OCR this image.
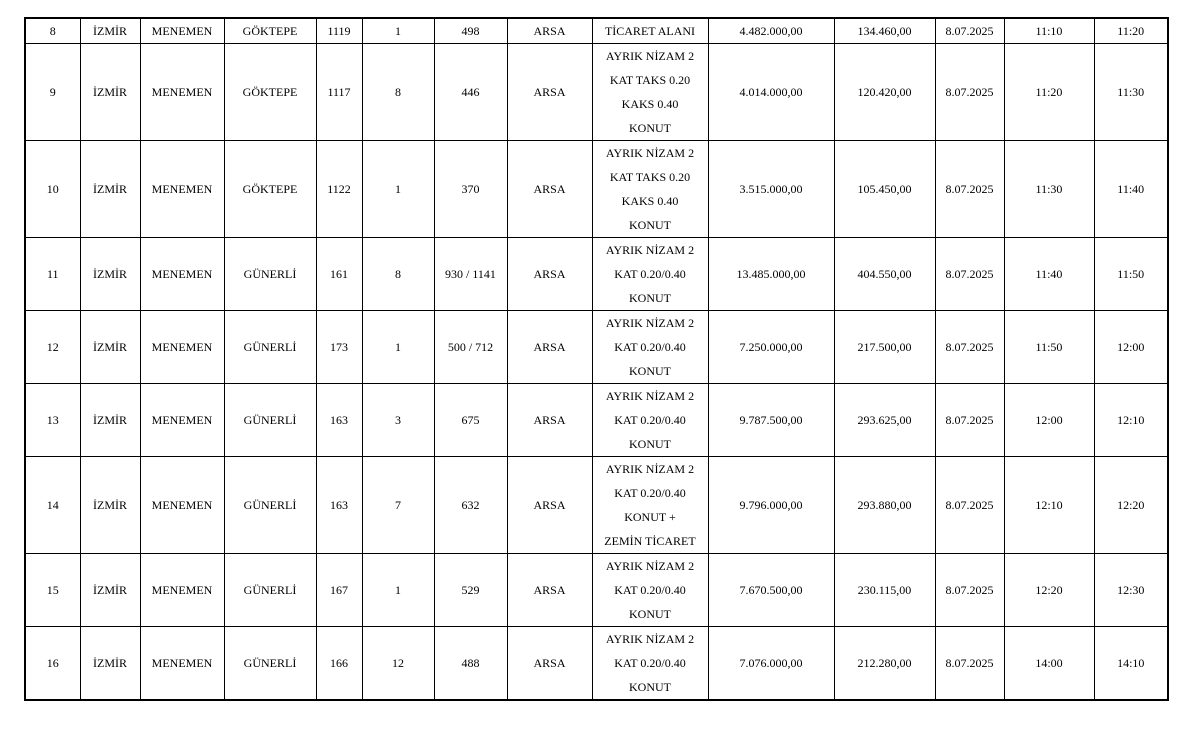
8	İZMİR	MENEMEN	GÖKTEPE	1119	1	498	ARSA	TİCARET ALANI	4.482.000,00	134.460,00	8.07.2025	11:10	11:20
9	İZMİR	MENEMEN	GÖKTEPE	1117	8	446	ARSA	AYRIK NİZAM 2
KAT TAKS 0.20
KAKS 0.40
KONUT	4.014.000,00	120.420,00	8.07.2025	11:20	11:30
10	İZMİR	MENEMEN	GÖKTEPE	1122	1	370	ARSA	AYRIK NİZAM 2
KAT TAKS 0.20
KAKS 0.40
KONUT	3.515.000,00	105.450,00	8.07.2025	11:30	11:40
11	İZMİR	MENEMEN	GÜNERLİ	161	8	930 / 1141	ARSA	AYRIK NİZAM 2
KAT 0.20/0.40
KONUT	13.485.000,00	404.550,00	8.07.2025	11:40	11:50
12	İZMİR	MENEMEN	GÜNERLİ	173	1	500 / 712	ARSA	AYRIK NİZAM 2
KAT 0.20/0.40
KONUT	7.250.000,00	217.500,00	8.07.2025	11:50	12:00
13	İZMİR	MENEMEN	GÜNERLİ	163	3	675	ARSA	AYRIK NİZAM 2
KAT 0.20/0.40
KONUT	9.787.500,00	293.625,00	8.07.2025	12:00	12:10
14	İZMİR	MENEMEN	GÜNERLİ	163	7	632	ARSA	AYRIK NİZAM 2
KAT 0.20/0.40
KONUT +
ZEMİN TİCARET	9.796.000,00	293.880,00	8.07.2025	12:10	12:20
15	İZMİR	MENEMEN	GÜNERLİ	167	1	529	ARSA	AYRIK NİZAM 2
KAT 0.20/0.40
KONUT	7.670.500,00	230.115,00	8.07.2025	12:20	12:30
16	İZMİR	MENEMEN	GÜNERLİ	166	12	488	ARSA	AYRIK NİZAM 2
KAT 0.20/0.40
KONUT	7.076.000,00	212.280,00	8.07.2025	14:00	14:10
